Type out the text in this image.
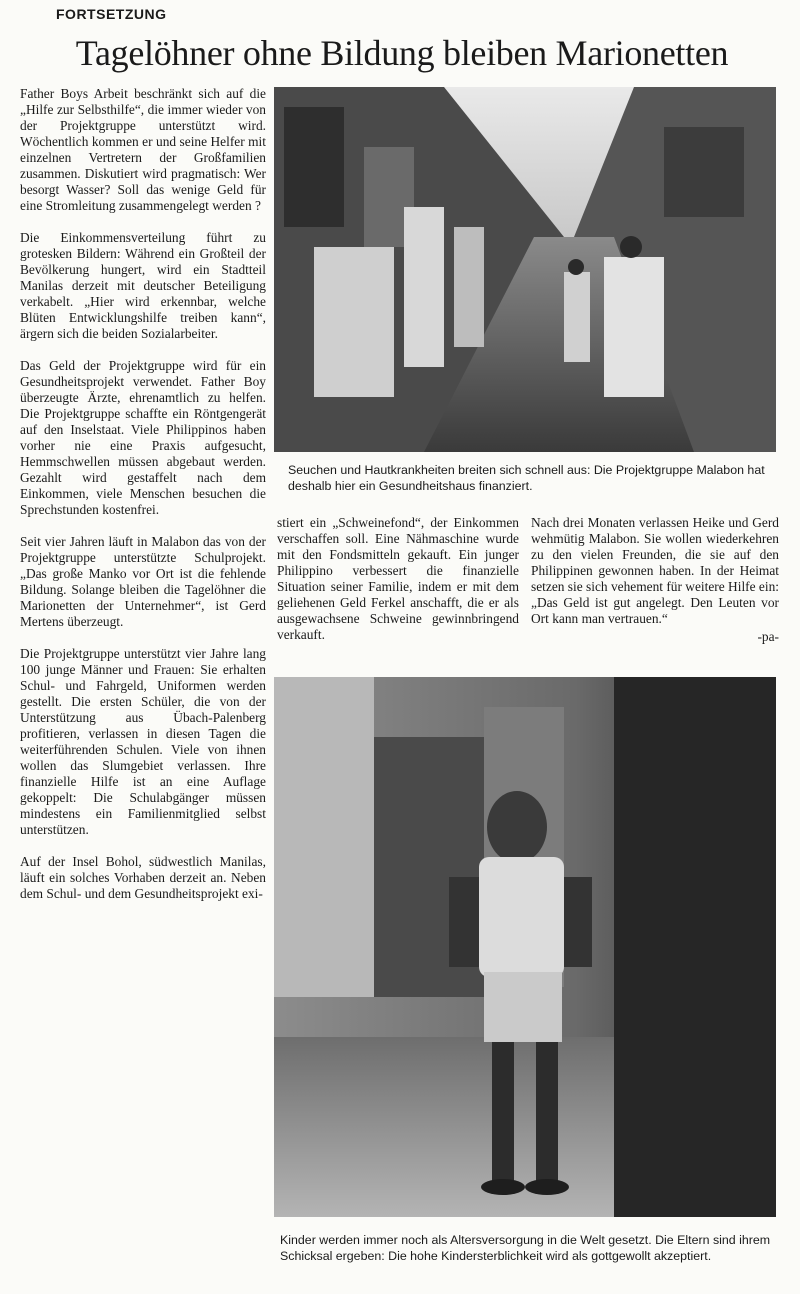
FORTSETZUNG
Tagelöhner ohne Bildung bleiben Marionetten

Father Boys Arbeit beschränkt sich auf die „Hilfe zur Selbsthilfe“, die immer wieder von der Projektgruppe unterstützt wird. Wöchentlich kommen er und seine Helfer mit einzelnen Vertretern der Großfamilien zusammen. Diskutiert wird pragmatisch: Wer besorgt Wasser? Soll das wenige Geld für eine Stromleitung zusammengelegt werden ?

Die Einkommensverteilung führt zu grotesken Bildern: Während ein Großteil der Bevölkerung hungert, wird ein Stadtteil Manilas derzeit mit deutscher Beteiligung verkabelt. „Hier wird erkennbar, welche Blüten Entwicklungshilfe treiben kann“, ärgern sich die beiden Sozialarbeiter.

Das Geld der Projektgruppe wird für ein Gesundheitsprojekt verwendet. Father Boy überzeugte Ärzte, ehrenamtlich zu helfen. Die Projektgruppe schaffte ein Röntgengerät auf den Inselstaat. Viele Philippinos haben vorher nie eine Praxis aufgesucht, Hemmschwellen müssen abgebaut werden. Gezahlt wird gestaffelt nach dem Einkommen, viele Menschen besuchen die Sprechstunden kostenfrei.

Seit vier Jahren läuft in Malabon das von der Projektgruppe unterstützte Schulprojekt. „Das große Manko vor Ort ist die fehlende Bildung. Solange bleiben die Tagelöhner die Marionetten der Unternehmer“, ist Gerd Mertens überzeugt.

Die Projektgruppe unterstützt vier Jahre lang 100 junge Männer und Frauen: Sie erhalten Schul- und Fahrgeld, Uniformen werden gestellt. Die ersten Schüler, die von der Unterstützung aus Übach-Palenberg profitieren, verlassen in diesen Tagen die weiterführenden Schulen. Viele von ihnen wollen das Slumgebiet verlassen. Ihre finanzielle Hilfe ist an eine Auflage gekoppelt: Die Schulabgänger müssen mindestens ein Familienmitglied selbst unterstützen.

Auf der Insel Bohol, südwestlich Manilas, läuft ein solches Vorhaben derzeit an. Neben dem Schul- und dem Gesundheitsprojekt exi-

Seuchen und Hautkrankheiten breiten sich schnell aus: Die Projektgruppe Malabon hat deshalb hier ein Gesundheitshaus finanziert.

stiert ein „Schweinefond“, der Einkommen verschaffen soll. Eine Nähmaschine wurde mit den Fondsmitteln gekauft. Ein junger Philippino verbessert die finanzielle Situation seiner Familie, indem er mit dem geliehenen Geld Ferkel anschafft, die er als ausgewachsene Schweine gewinnbringend verkauft.

Nach drei Monaten verlassen Heike und Gerd wehmütig Malabon. Sie wollen wiederkehren zu den vielen Freunden, die sie auf den Philippinen gewonnen haben. In der Heimat setzen sie sich vehement für weitere Hilfe ein: „Das Geld ist gut angelegt. Den Leuten vor Ort kann man vertrauen.“

-pa-
Kinder werden immer noch als Altersversorgung in die Welt gesetzt. Die Eltern sind ihrem Schicksal ergeben: Die hohe Kindersterblichkeit wird als gottgewollt akzeptiert.
